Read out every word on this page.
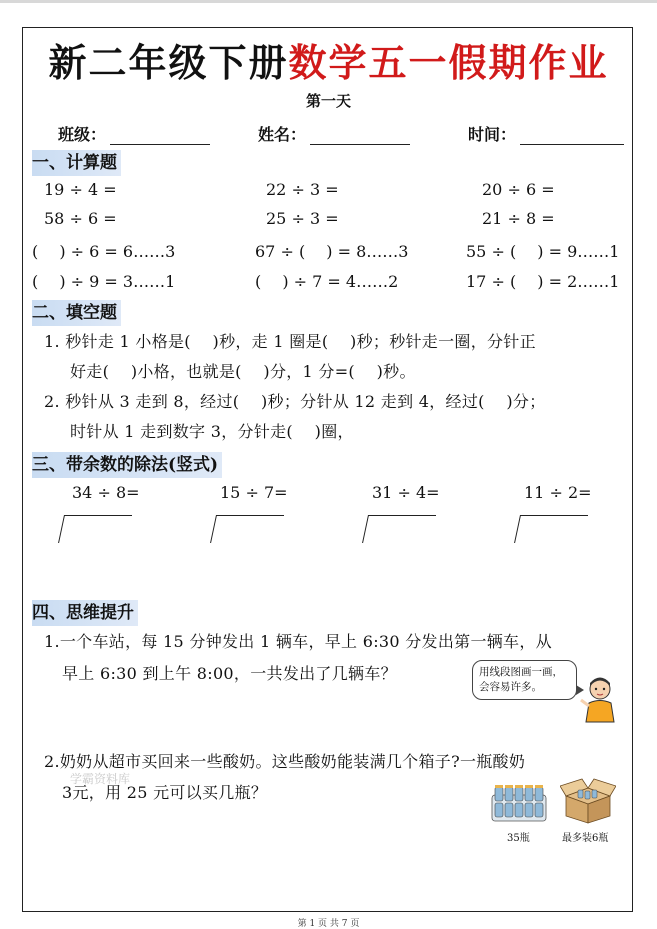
新二年级下册数学五一假期作业
第一天
班级：	姓名：	时间：
一、计算题
19 ÷ 4 =	22 ÷ 3 =	20 ÷ 6 =
58 ÷ 6 =	25 ÷ 3 =	21 ÷ 8 =
(　 ) ÷ 6 = 6……3	67 ÷ (　 ) = 8……3	55 ÷ (　 ) = 9……1
(　 ) ÷ 9 = 3……1	(　 ) ÷ 7 = 4……2	17 ÷ (　 ) = 2……1
二、填空题
1. 秒针走 1 小格是(　 )秒，走 1 圈是(　 )秒；秒针走一圈，分针正
好走(　 )小格，也就是(　 )分，1 分=(　 )秒。
2. 秒针从 3 走到 8，经过(　 )秒；分针从 12 走到 4，经过(　 )分；
时针从 1 走到数字 3，分针走(　 )圈，
三、带余数的除法(竖式)
34 ÷ 8=	15 ÷ 7=	31 ÷ 4=	11 ÷ 2=
四、思维提升
1.一个车站，每 15 分钟发出 1 辆车，早上 6:30 分发出第一辆车，从
早上 6:30 到上午 8:00，一共发出了几辆车？	用线段图画一画，
会容易许多。
学霸资料库
2.奶奶从超市买回来一些酸奶。这些酸奶能装满几个箱子?一瓶酸奶
3元，用 25 元可以买几瓶？
35瓶	最多装6瓶
第 1 页 共 7 页
